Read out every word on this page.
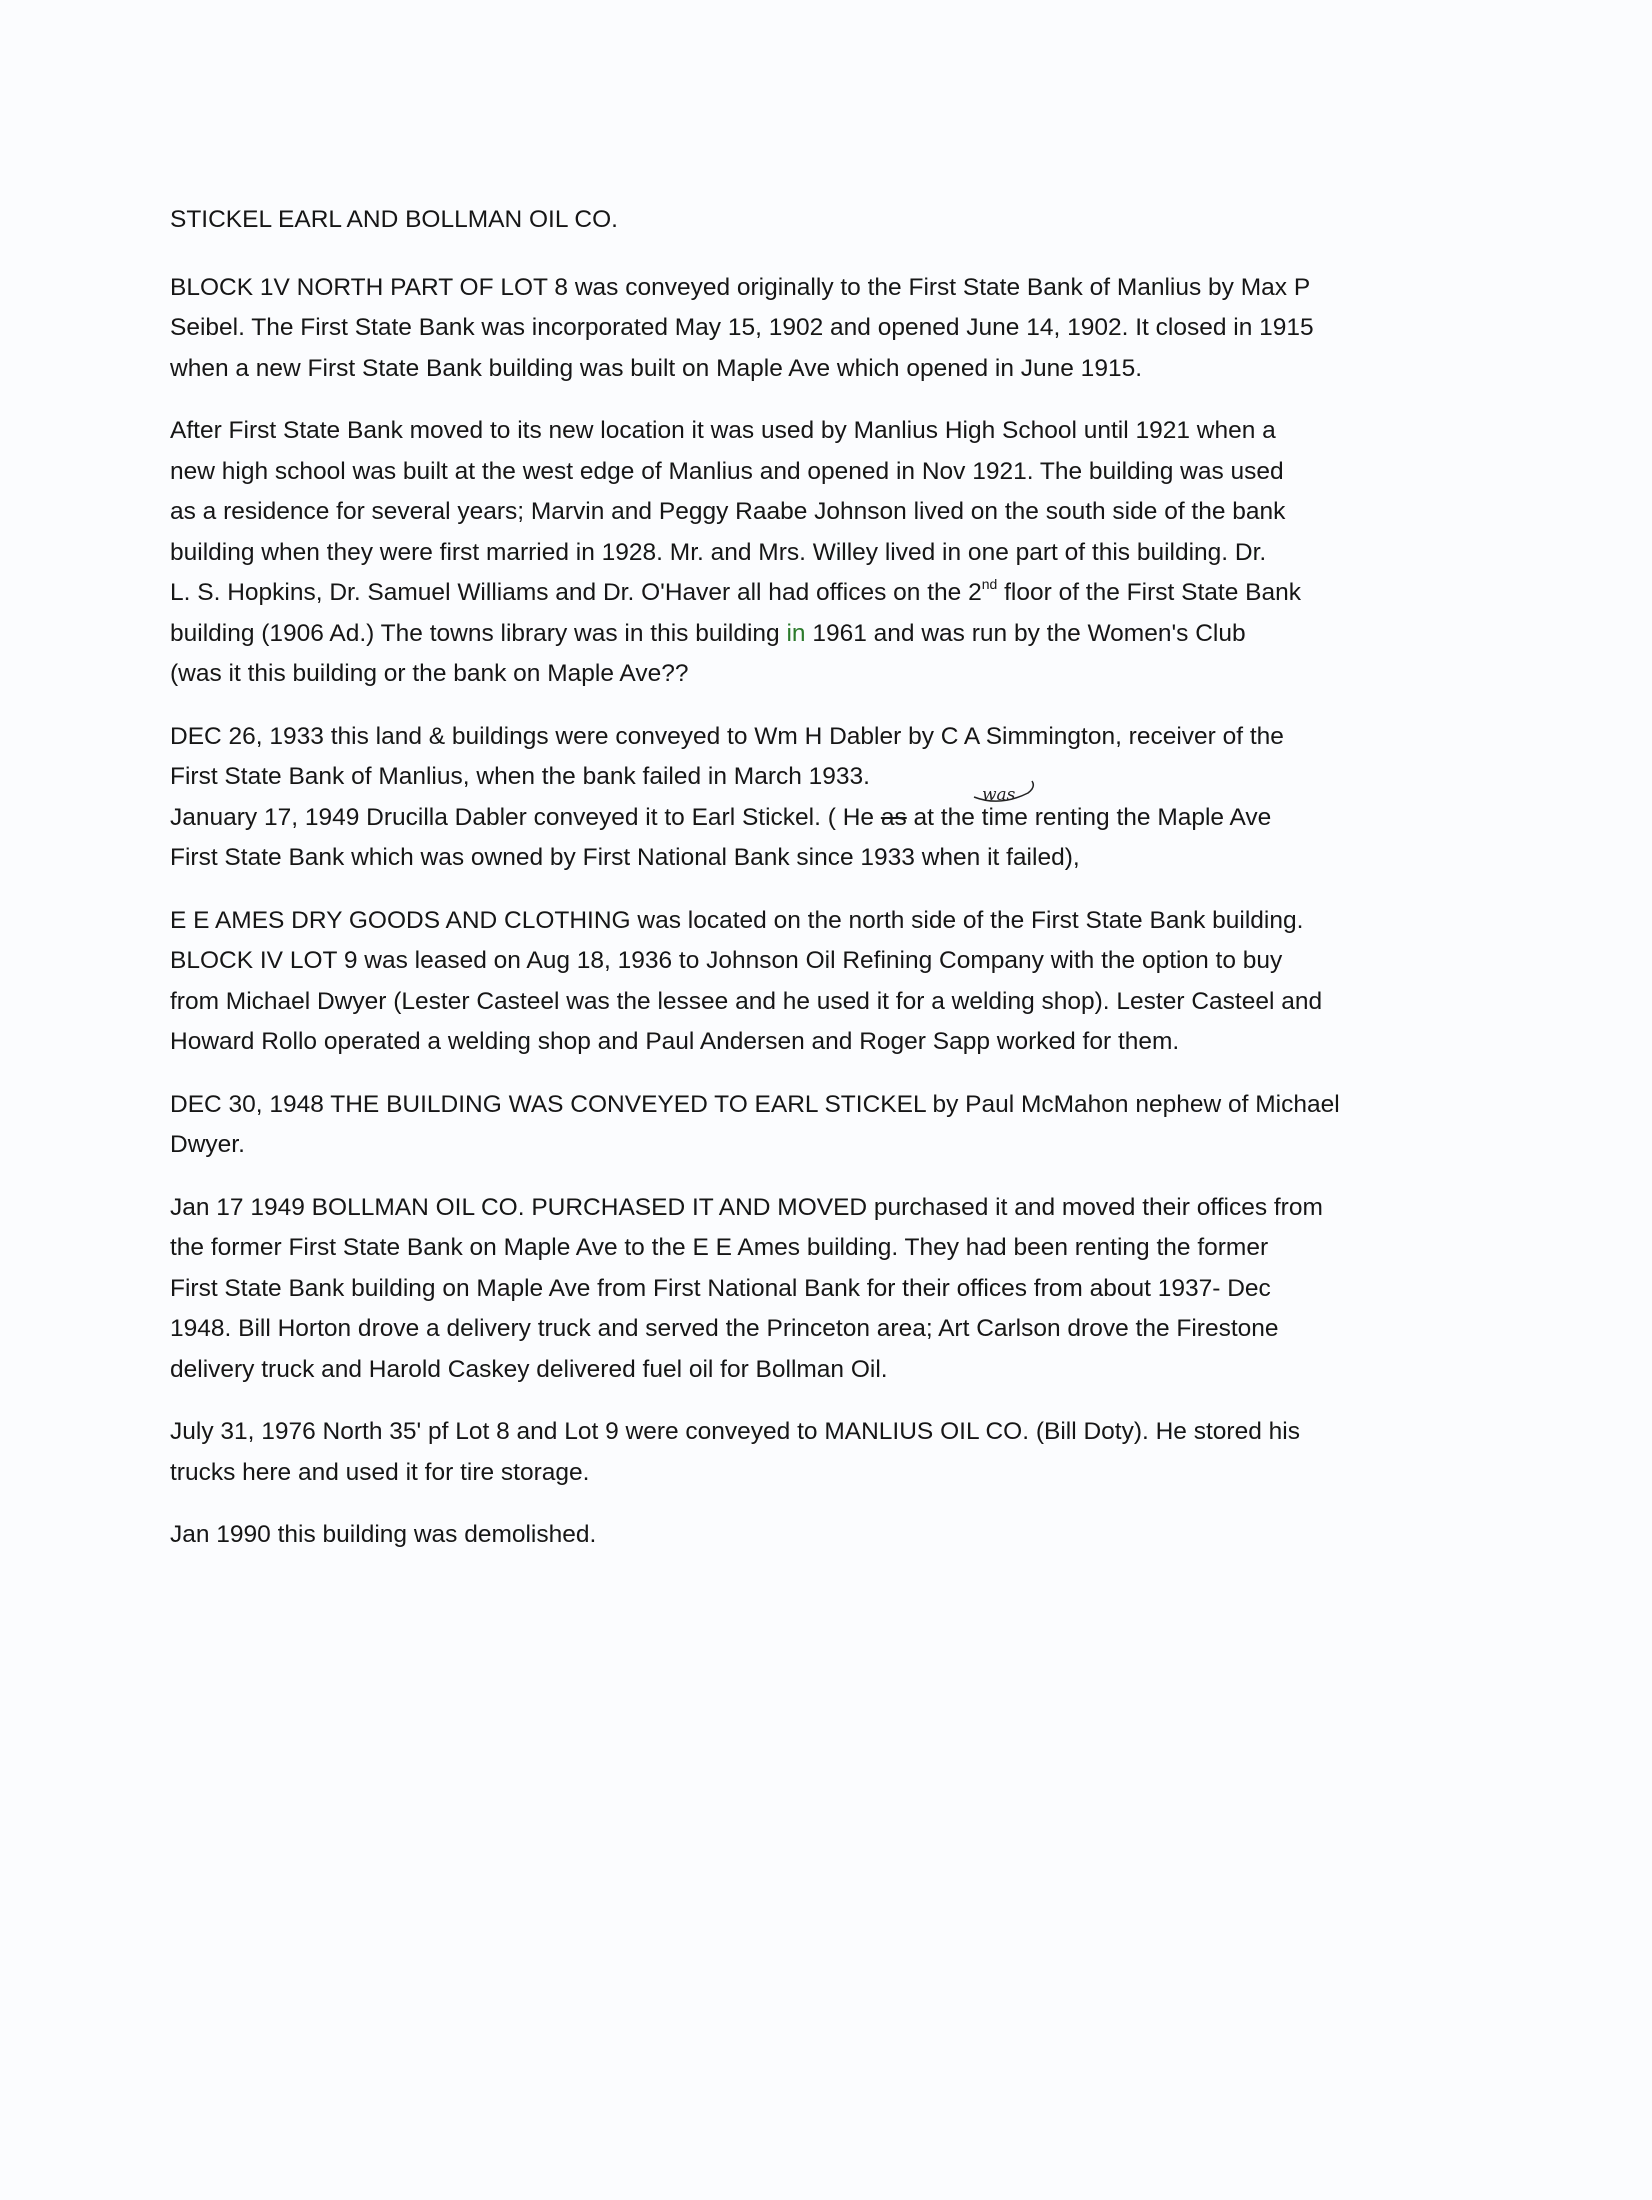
STICKEL EARL AND BOLLMAN OIL CO.
BLOCK 1V NORTH PART OF LOT 8 was conveyed originally to the First State Bank of Manlius by Max P
Seibel. The First State Bank was incorporated May 15, 1902 and opened June 14, 1902. It closed in 1915
when a new First State Bank building was built on Maple Ave which opened in June 1915.
After First State Bank moved to its new location it was used by Manlius High School until 1921 when a
new high school was built at the west edge of Manlius and opened in Nov 1921. The building was used
as a residence for several years; Marvin and Peggy Raabe Johnson lived on the south side of the bank
building when they were first married in 1928. Mr. and Mrs. Willey lived in one part of this building. Dr.
L. S. Hopkins, Dr. Samuel Williams and Dr. O'Haver all had offices on the 2nd floor of the First State Bank
building (1906 Ad.) The towns library was in this building in 1961 and was run by the Women's Club
(was it this building or the bank on Maple Ave??
DEC 26, 1933 this land & buildings were conveyed to Wm H Dabler by C A Simmington, receiver of the
First State Bank of Manlius, when the bank failed in March 1933.
January 17, 1949 Drucilla Dabler conveyed it to Earl Stickel. ( He as at the time renting the Maple Ave
First State Bank which was owned by First National Bank since 1933 when it failed),
was
E E AMES DRY GOODS AND CLOTHING was located on the north side of the First State Bank building.
BLOCK IV LOT 9 was leased on Aug 18, 1936 to Johnson Oil Refining Company with the option to buy
from Michael Dwyer (Lester Casteel was the lessee and he used it for a welding shop). Lester Casteel and
Howard Rollo operated a welding shop and Paul Andersen and Roger Sapp worked for them.
DEC 30, 1948 THE BUILDING WAS CONVEYED TO EARL STICKEL by Paul McMahon nephew of Michael
Dwyer.
Jan 17 1949 BOLLMAN OIL CO. PURCHASED IT AND MOVED purchased it and moved their offices from
the former First State Bank on Maple Ave to the E E Ames building. They had been renting the former
First State Bank building on Maple Ave from First National Bank for their offices from about 1937- Dec
1948. Bill Horton drove a delivery truck and served the Princeton area; Art Carlson drove the Firestone
delivery truck and Harold Caskey delivered fuel oil for Bollman Oil.
July 31, 1976 North 35' pf Lot 8 and Lot 9 were conveyed to MANLIUS OIL CO. (Bill Doty). He stored his
trucks here and used it for tire storage.
Jan 1990 this building was demolished.
